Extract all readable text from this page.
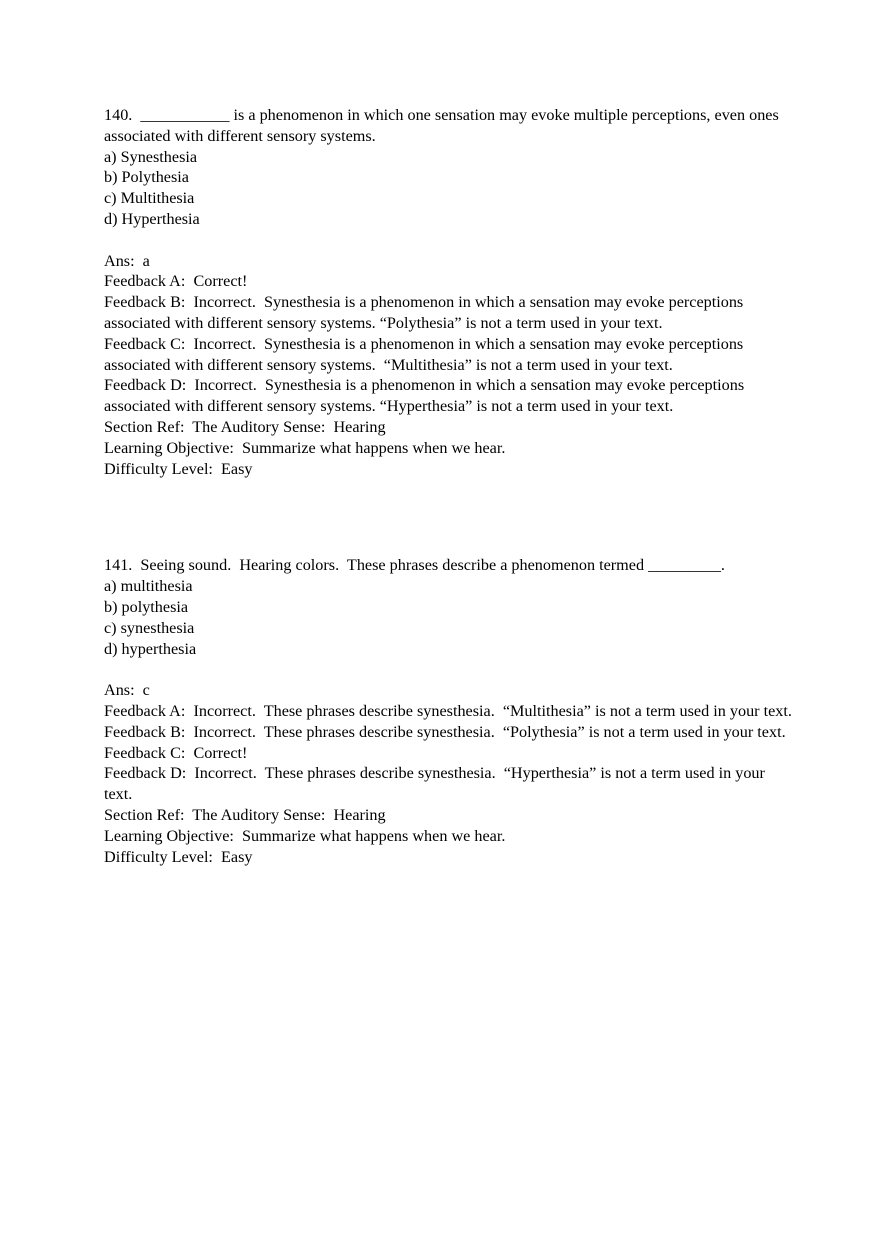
140.  ___________ is a phenomenon in which one sensation may evoke multiple perceptions, even ones associated with different sensory systems.

a) Synesthesia

b) Polythesia

c) Multithesia

d) Hyperthesia

Ans:  a

Feedback A:  Correct!

Feedback B:  Incorrect.  Synesthesia is a phenomenon in which a sensation may evoke perceptions associated with different sensory systems. “Polythesia” is not a term used in your text.

Feedback C:  Incorrect.  Synesthesia is a phenomenon in which a sensation may evoke perceptions associated with different sensory systems.  “Multithesia” is not a term used in your text.

Feedback D:  Incorrect.  Synesthesia is a phenomenon in which a sensation may evoke perceptions associated with different sensory systems. “Hyperthesia” is not a term used in your text.

Section Ref:  The Auditory Sense:  Hearing

Learning Objective:  Summarize what happens when we hear.

Difficulty Level:  Easy

141.  Seeing sound.  Hearing colors.  These phrases describe a phenomenon termed _________.

a) multithesia

b) polythesia

c) synesthesia

d) hyperthesia

Ans:  c

Feedback A:  Incorrect.  These phrases describe synesthesia.  “Multithesia” is not a term used in your text.

Feedback B:  Incorrect.  These phrases describe synesthesia.  “Polythesia” is not a term used in your text.

Feedback C:  Correct!

Feedback D:  Incorrect.  These phrases describe synesthesia.  “Hyperthesia” is not a term used in your text.

Section Ref:  The Auditory Sense:  Hearing

Learning Objective:  Summarize what happens when we hear.

Difficulty Level:  Easy
